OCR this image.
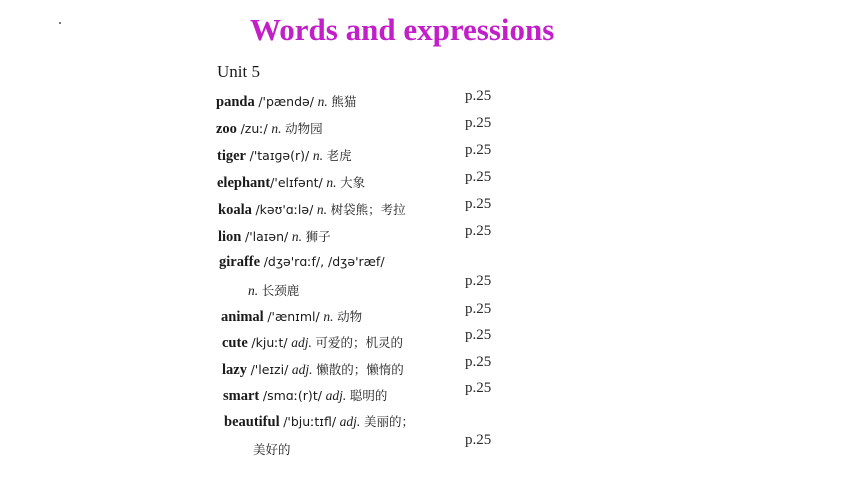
Words and expressions
Unit 5
panda /'pændə/ n. 熊猫	p.25
zoo /zuː/ n. 动物园	p.25
tiger /'taɪɡə(r)/ n. 老虎	p.25
elephant/'elɪfənt/ n. 大象	p.25
koala /kəʊ'ɑːlə/ n. 树袋熊；考拉	p.25
lion /'laɪən/ n. 狮子	p.25
giraffe /dʒə'rɑːf/, /dʒə'ræf/
n. 长颈鹿
p.25
animal /'ænɪml/ n. 动物	p.25
cute /kjuːt/ adj. 可爱的；机灵的	p.25
lazy /'leɪzi/ adj. 懒散的；懒惰的	p.25
smart /smɑː(r)t/ adj. 聪明的	p.25
beautiful /'bjuːtɪfl/ adj. 美丽的；
美好的
p.25
